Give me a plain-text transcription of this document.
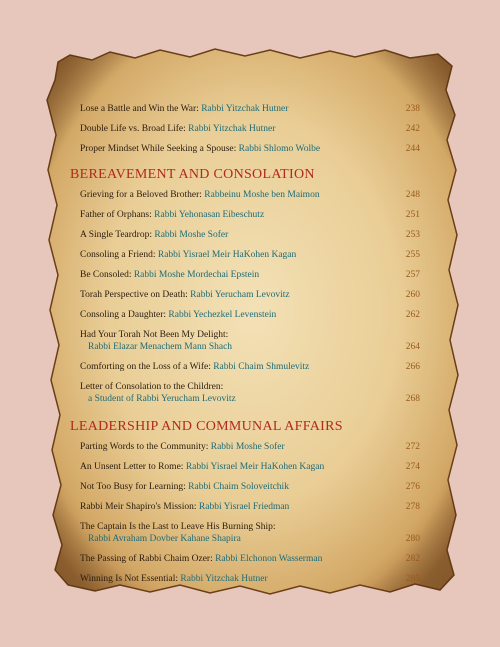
Lose a Battle and Win the War: Rabbi Yitzchak Hutner	238
Double Life vs. Broad Life: Rabbi Yitzchak Hutner	242
Proper Mindset While Seeking a Spouse: Rabbi Shlomo Wolbe	244
BEREAVEMENT AND CONSOLATION
Grieving for a Beloved Brother: Rabbeinu Moshe ben Maimon	248
Father of Orphans: Rabbi Yehonasan Eibeschutz	251
A Single Teardrop: Rabbi Moshe Sofer	253
Consoling a Friend: Rabbi Yisrael Meir HaKohen Kagan	255
Be Consoled: Rabbi Moshe Mordechai Epstein	257
Torah Perspective on Death: Rabbi Yerucham Levovitz	260
Consoling a Daughter: Rabbi Yechezkel Levenstein	262
Had Your Torah Not Been My Delight:
Rabbi Elazar Menachem Mann Shach	264
Comforting on the Loss of a Wife: Rabbi Chaim Shmulevitz	266
Letter of Consolation to the Children:
a Student of Rabbi Yerucham Levovitz	268
LEADERSHIP AND COMMUNAL AFFAIRS
Parting Words to the Community: Rabbi Moshe Sofer	272
An Unsent Letter to Rome: Rabbi Yisrael Meir HaKohen Kagan	274
Not Too Busy for Learning: Rabbi Chaim Soloveitchik	276
Rabbi Meir Shapiro's Mission: Rabbi Yisrael Friedman	278
The Captain Is the Last to Leave His Burning Ship:
Rabbi Avraham Dovber Kahane Shapira	280
The Passing of Rabbi Chaim Ozer: Rabbi Elchonon Wasserman	282
Winning Is Not Essential: Rabbi Yitzchak Hutner	285
